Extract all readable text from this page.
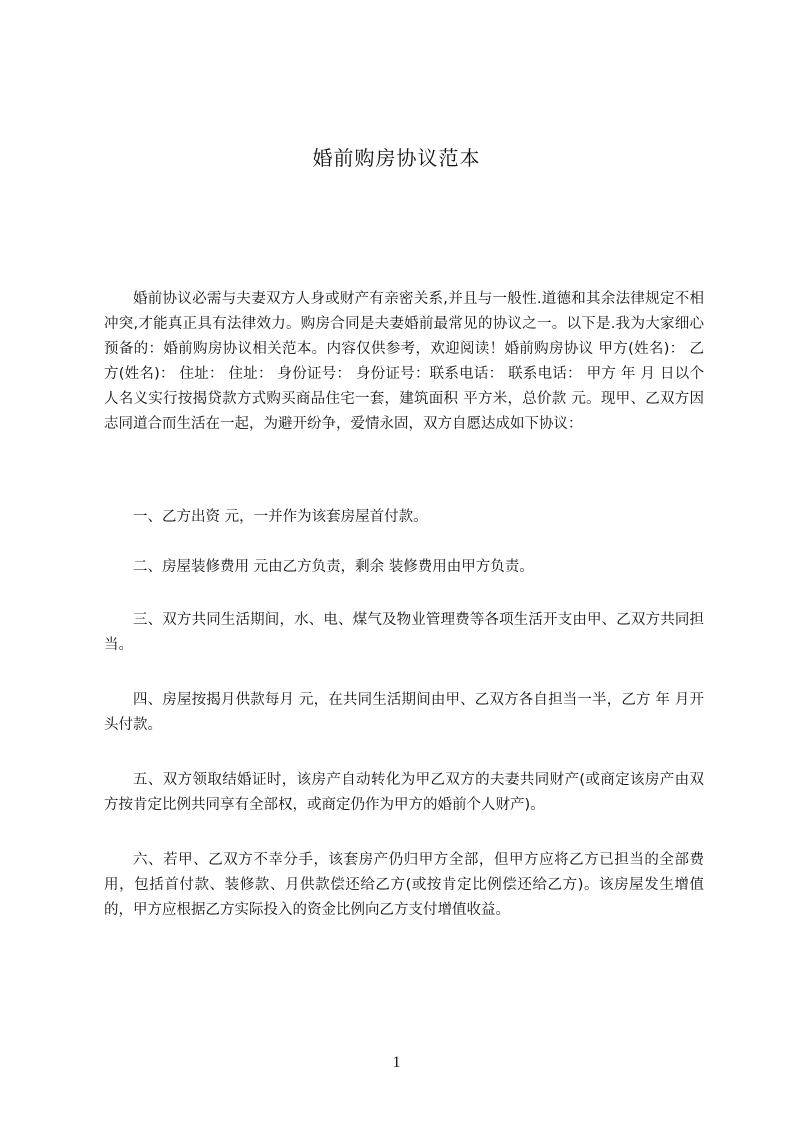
婚前购房协议范本
婚前协议必需与夫妻双方人身或财产有亲密关系,并且与一般性.道德和其余法律规定不相冲突,才能真正具有法律效力。购房合同是夫妻婚前最常见的协议之一。以下是.我为大家细心预备的：婚前购房协议相关范本。内容仅供参考，欢迎阅读！婚前购房协议 甲方(姓名)： 乙方(姓名)： 住址： 住址： 身份证号： 身份证号：联系电话： 联系电话： 甲方 年 月 日以个人名义实行按揭贷款方式购买商品住宅一套，建筑面积 平方米，总价款 元。现甲、乙双方因志同道合而生活在一起，为避开纷争，爱情永固，双方自愿达成如下协议：
一、乙方出资 元，一并作为该套房屋首付款。
二、房屋装修费用 元由乙方负责，剩余 装修费用由甲方负责。
三、双方共同生活期间，水、电、煤气及物业管理费等各项生活开支由甲、乙双方共同担当。
四、房屋按揭月供款每月 元，在共同生活期间由甲、乙双方各自担当一半，乙方 年 月开头付款。
五、双方领取结婚证时，该房产自动转化为甲乙双方的夫妻共同财产(或商定该房产由双方按肯定比例共同享有全部权，或商定仍作为甲方的婚前个人财产)。
六、若甲、乙双方不幸分手，该套房产仍归甲方全部，但甲方应将乙方已担当的全部费用，包括首付款、装修款、月供款偿还给乙方(或按肯定比例偿还给乙方)。该房屋发生增值的，甲方应根据乙方实际投入的资金比例向乙方支付增值收益。
1
